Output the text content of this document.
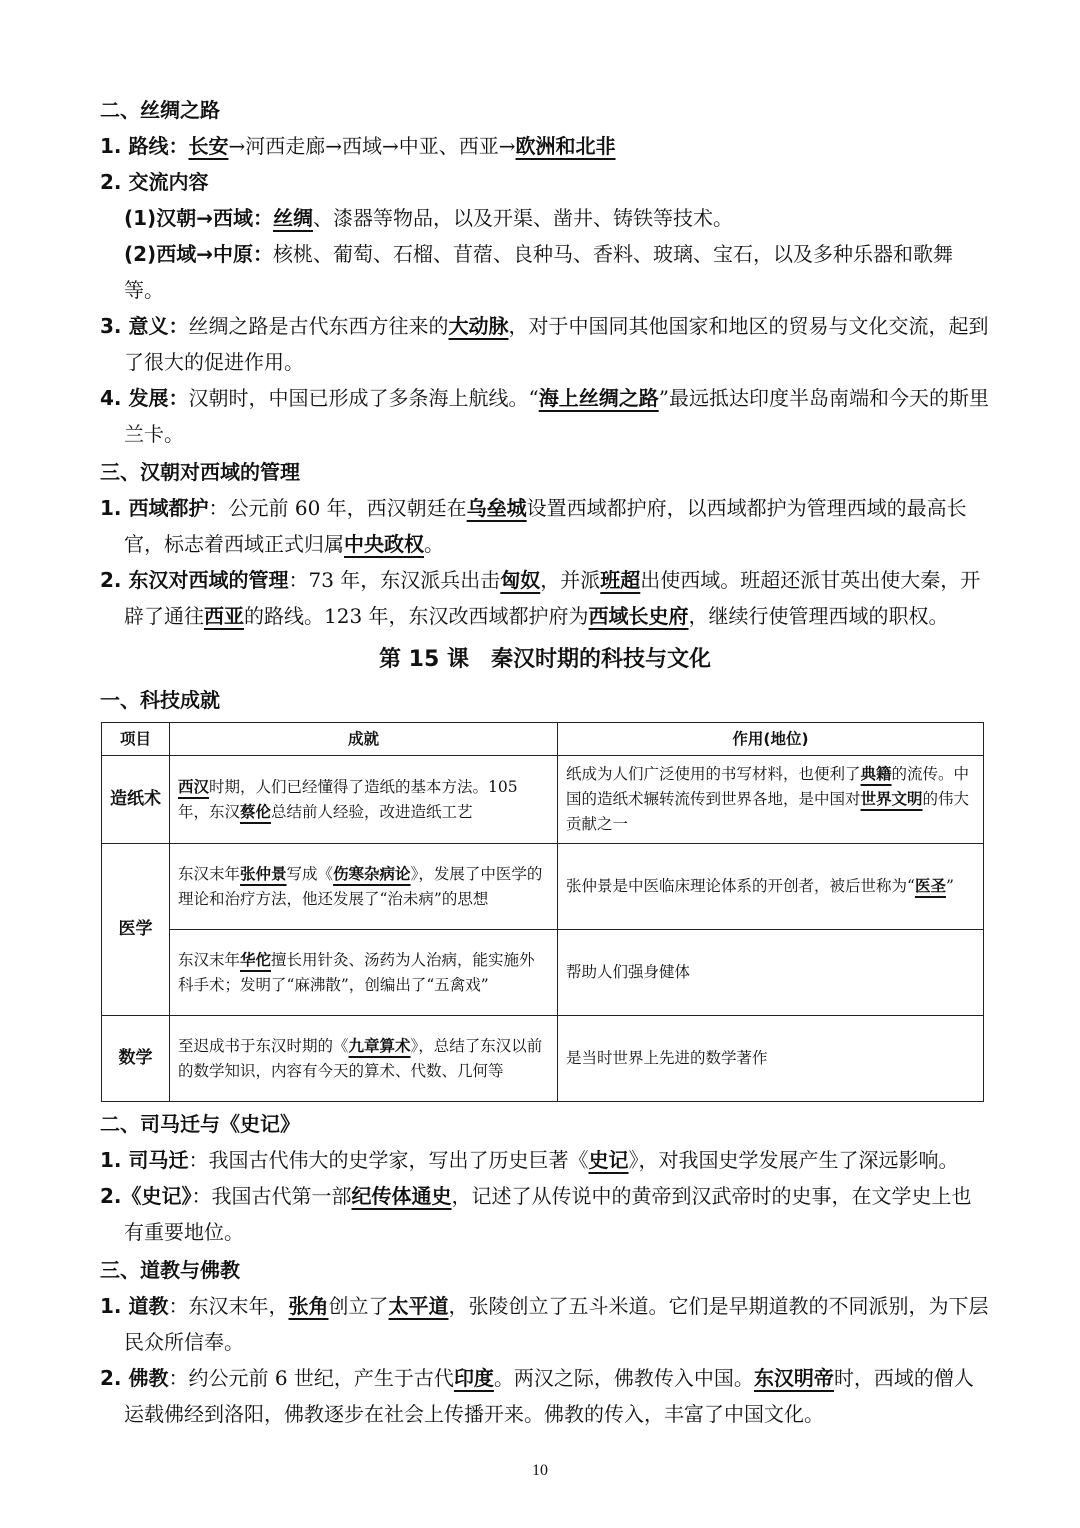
二、丝绸之路
1. 路线：长安→河西走廊→西域→中亚、西亚→欧洲和北非
2. 交流内容
(1)汉朝→西域：丝绸、漆器等物品，以及开渠、凿井、铸铁等技术。
(2)西域→中原：核桃、葡萄、石榴、苜蓿、良种马、香料、玻璃、宝石，以及多种乐器和歌舞等。
3. 意义：丝绸之路是古代东西方往来的大动脉，对于中国同其他国家和地区的贸易与文化交流，起到了很大的促进作用。
4. 发展：汉朝时，中国已形成了多条海上航线。“海上丝绸之路”最远抵达印度半岛南端和今天的斯里兰卡。
三、汉朝对西域的管理
1. 西域都护：公元前 60 年，西汉朝廷在乌垒城设置西域都护府，以西域都护为管理西域的最高长官，标志着西域正式归属中央政权。
2. 东汉对西域的管理：73 年，东汉派兵出击匈奴，并派班超出使西域。班超还派甘英出使大秦，开辟了通往西亚的路线。123 年，东汉改西域都护府为西域长史府，继续行使管理西域的职权。
第 15 课 秦汉时期的科技与文化
一、科技成就
项目	成就	作用(地位)
造纸术	西汉时期，人们已经懂得了造纸的基本方法。105 年，东汉蔡伦总结前人经验，改进造纸工艺	纸成为人们广泛使用的书写材料，也便利了典籍的流传。中国的造纸术辗转流传到世界各地，是中国对世界文明的伟大贡献之一
医学	东汉末年张仲景写成《伤寒杂病论》，发展了中医学的理论和治疗方法，他还发展了“治未病”的思想	张仲景是中医临床理论体系的开创者，被后世称为“医圣”
	东汉末年华佗擅长用针灸、汤药为人治病，能实施外科手术；发明了“麻沸散”，创编出了“五禽戏”	帮助人们强身健体
数学	至迟成书于东汉时期的《九章算术》，总结了东汉以前的数学知识，内容有今天的算术、代数、几何等	是当时世界上先进的数学著作
二、司马迁与《史记》
1. 司马迁：我国古代伟大的史学家，写出了历史巨著《史记》，对我国史学发展产生了深远影响。
2.《史记》：我国古代第一部纪传体通史，记述了从传说中的黄帝到汉武帝时的史事，在文学史上也有重要地位。
三、道教与佛教
1. 道教：东汉末年，张角创立了太平道，张陵创立了五斗米道。它们是早期道教的不同派别，为下层民众所信奉。
2. 佛教：约公元前 6 世纪，产生于古代印度。两汉之际，佛教传入中国。东汉明帝时，西域的僧人运载佛经到洛阳，佛教逐步在社会上传播开来。佛教的传入，丰富了中国文化。
10
